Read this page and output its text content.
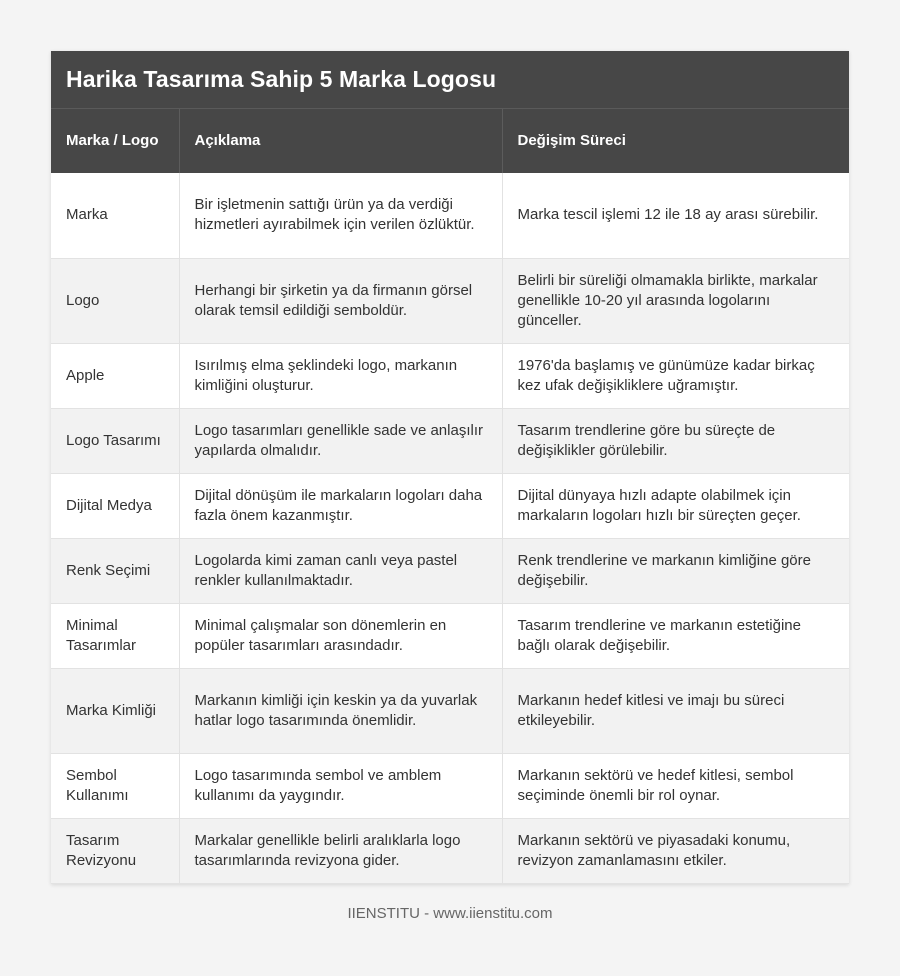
Harika Tasarıma Sahip 5 Marka Logosu
Marka / Logo	Açıklama	Değişim Süreci
Marka	Bir işletmenin sattığı ürün ya da verdiği hizmetleri ayırabilmek için verilen özlüktür.	Marka tescil işlemi 12 ile 18 ay arası sürebilir.
Logo	Herhangi bir şirketin ya da firmanın görsel olarak temsil edildiği semboldür.	Belirli bir süreliği olmamakla birlikte, markalar genellikle 10-20 yıl arasında logolarını günceller.
Apple	Isırılmış elma şeklindeki logo, markanın kimliğini oluşturur.	1976'da başlamış ve günümüze kadar birkaç kez ufak değişikliklere uğramıştır.
Logo Tasarımı	Logo tasarımları genellikle sade ve anlaşılır yapılarda olmalıdır.	Tasarım trendlerine göre bu süreçte de değişiklikler görülebilir.
Dijital Medya	Dijital dönüşüm ile markaların logoları daha fazla önem kazanmıştır.	Dijital dünyaya hızlı adapte olabilmek için markaların logoları hızlı bir süreçten geçer.
Renk Seçimi	Logolarda kimi zaman canlı veya pastel renkler kullanılmaktadır.	Renk trendlerine ve markanın kimliğine göre değişebilir.
Minimal Tasarımlar	Minimal çalışmalar son dönemlerin en popüler tasarımları arasındadır.	Tasarım trendlerine ve markanın estetiğine bağlı olarak değişebilir.
Marka Kimliği	Markanın kimliği için keskin ya da yuvarlak hatlar logo tasarımında önemlidir.	Markanın hedef kitlesi ve imajı bu süreci etkileyebilir.
Sembol Kullanımı	Logo tasarımında sembol ve amblem kullanımı da yaygındır.	Markanın sektörü ve hedef kitlesi, sembol seçiminde önemli bir rol oynar.
Tasarım Revizyonu	Markalar genellikle belirli aralıklarla logo tasarımlarında revizyona gider.	Markanın sektörü ve piyasadaki konumu, revizyon zamanlamasını etkiler.
IIENSTITU - www.iienstitu.com
